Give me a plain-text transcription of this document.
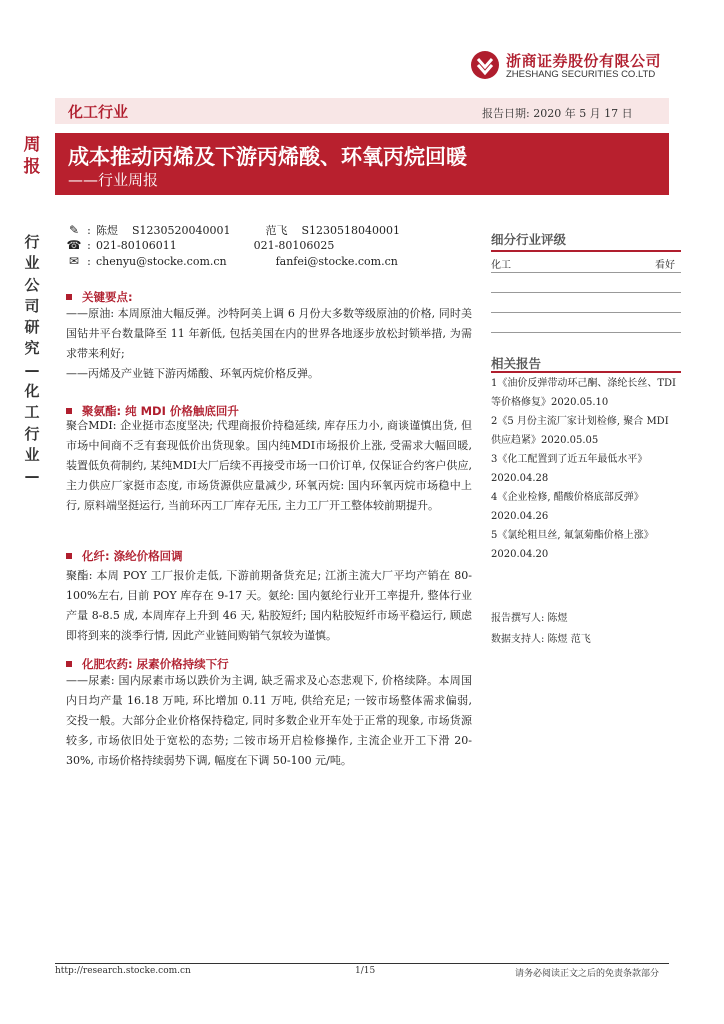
浙商证券股份有限公司
ZHESHANG SECURITIES CO.LTD
化工行业	报告日期: 2020 年 5 月 17 日
成本推动丙烯及下游丙烯酸、环氧丙烷回暖
——行业周报
周报
行业公司研究—化工行业—
✎ : 陈煜    S1230520040001          范飞    S1230518040001
☎ : 021-80106011                      021-80106025
✉ : chenyu@stocke.com.cn              fanfei@stocke.com.cn
关键要点:

——原油: 本周原油大幅反弹。沙特阿美上调 6 月份大多数等级原油的价格, 同时美国钻井平台数量降至 11 年新低, 包括美国在内的世界各地逐步放松封锁举措, 为需求带来利好;

——丙烯及产业链下游丙烯酸、环氧丙烷价格反弹。

聚氨酯: 纯 MDI 价格触底回升

聚合MDI: 企业挺市态度坚决; 代理商报价持稳延续, 库存压力小, 商谈谨慎出货, 但市场中间商不乏有套现低价出货现象。国内纯MDI市场报价上涨, 受需求大幅回暖, 装置低负荷制约, 某纯MDI大厂后续不再接受市场一口价订单, 仅保证合约客户供应, 主力供应厂家挺市态度, 市场货源供应量减少, 环氧丙烷: 国内环氧丙烷市场稳中上行, 原料端坚挺运行, 当前环丙工厂库存无压, 主力工厂开工整体较前期提升。

化纤: 涤纶价格回调

聚酯: 本周 POY 工厂报价走低, 下游前期备货充足; 江浙主流大厂平均产销在 80-100%左右, 目前 POY 库存在 9-17 天。氨纶: 国内氨纶行业开工率提升, 整体行业产量 8-8.5 成, 本周库存上升到 46 天, 粘胶短纤; 国内粘胶短纤市场平稳运行, 顾虑即将到来的淡季行情, 因此产业链间购销气氛较为谨慎。

化肥农药: 尿素价格持续下行

——尿素: 国内尿素市场以跌价为主调, 缺乏需求及心态悲观下, 价格续降。本周国内日均产量 16.18 万吨, 环比增加 0.11 万吨, 供给充足; 一铵市场整体需求偏弱, 交投一般。大部分企业价格保持稳定, 同时多数企业开车处于正常的现象, 市场货源较多, 市场依旧处于宽松的态势; 二铵市场开启检修操作, 主流企业开工下滑 20-30%, 市场价格持续弱势下调, 幅度在下调 50-100 元/吨。

细分行业评级
化工	看好
相关报告
1《油价反弹带动环己酮、涤纶长丝、TDI
等价格修复》2020.05.10
2《5 月份主流厂家计划检修, 聚合 MDI
供应趋紧》2020.05.05
3《化工配置到了近五年最低水平》
2020.04.28
4《企业检修, 醋酸价格底部反弹》
2020.04.26
5《氯纶粗旦丝, 氟氯菊酯价格上涨》
2020.04.20
报告撰写人: 陈煜
数据支持人: 陈煜 范飞
http://research.stocke.com.cn	1/15	请务必阅读正文之后的免责条款部分
